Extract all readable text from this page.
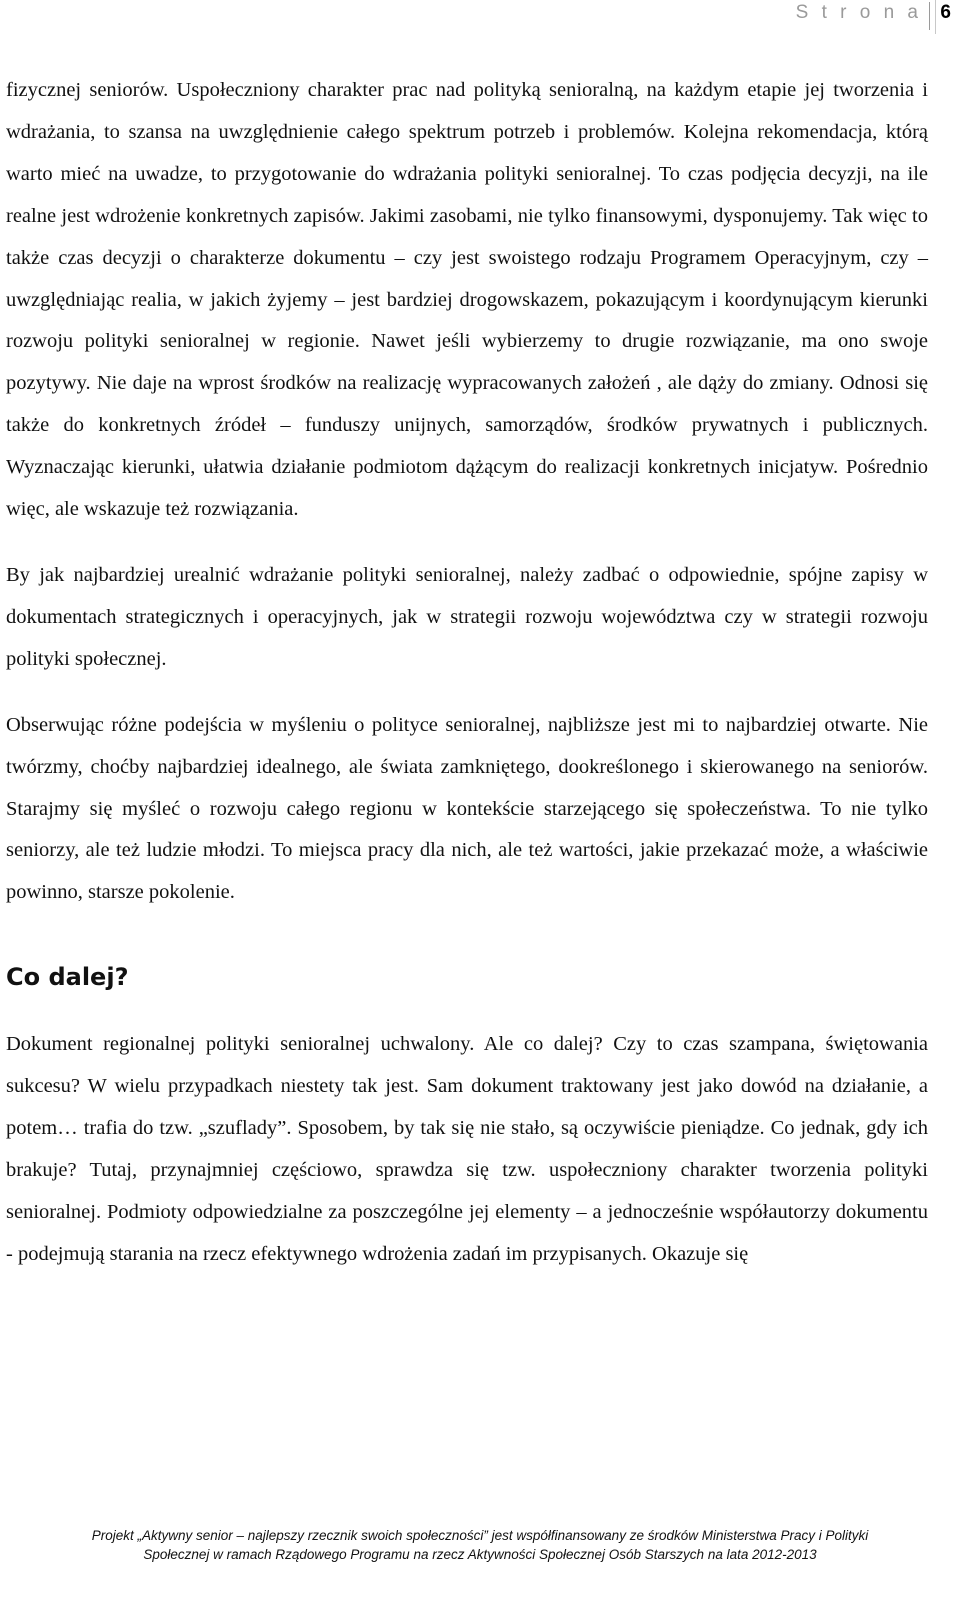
S t r o n a 6

fizycznej seniorów. Uspołeczniony charakter prac nad polityką senioralną, na każdym etapie jej tworzenia i wdrażania, to szansa na uwzględnienie całego spektrum potrzeb i problemów. Kolejna rekomendacja, którą warto mieć na uwadze, to przygotowanie do wdrażania polityki senioralnej. To czas podjęcia decyzji, na ile realne jest wdrożenie konkretnych zapisów. Jakimi zasobami, nie tylko finansowymi, dysponujemy. Tak więc to także czas decyzji o charakterze dokumentu – czy jest swoistego rodzaju Programem Operacyjnym, czy – uwzględniając realia, w jakich żyjemy – jest bardziej drogowskazem, pokazującym i koordynującym kierunki rozwoju polityki senioralnej w regionie. Nawet jeśli wybierzemy to drugie rozwiązanie, ma ono swoje pozytywy. Nie daje na wprost środków na realizację wypracowanych założeń , ale dąży do zmiany. Odnosi się także do konkretnych źródeł – funduszy unijnych, samorządów, środków prywatnych i publicznych. Wyznaczając kierunki, ułatwia działanie podmiotom dążącym do realizacji konkretnych inicjatyw. Pośrednio więc, ale wskazuje też rozwiązania.

By jak najbardziej urealnić wdrażanie polityki senioralnej, należy zadbać o odpowiednie, spójne zapisy w dokumentach strategicznych i operacyjnych, jak w strategii rozwoju województwa czy w strategii rozwoju polityki społecznej.

Obserwując różne podejścia w myśleniu o polityce senioralnej, najbliższe jest mi to najbardziej otwarte. Nie twórzmy, choćby najbardziej idealnego, ale świata zamkniętego, dookreślonego i skierowanego na seniorów. Starajmy się myśleć o rozwoju całego regionu w kontekście starzejącego się społeczeństwa. To nie tylko seniorzy, ale też ludzie młodzi. To miejsca pracy dla nich, ale też wartości, jakie przekazać może, a właściwie powinno, starsze pokolenie.

Co dalej?

Dokument regionalnej polityki senioralnej uchwalony. Ale co dalej? Czy to czas szampana, świętowania sukcesu? W wielu przypadkach niestety tak jest. Sam dokument traktowany jest jako dowód na działanie, a potem… trafia do tzw. „szuflady”. Sposobem, by tak się nie stało, są oczywiście pieniądze. Co jednak, gdy ich brakuje? Tutaj, przynajmniej częściowo, sprawdza się tzw. uspołeczniony charakter tworzenia polityki senioralnej. Podmioty odpowiedzialne za poszczególne jej elementy – a jednocześnie współautorzy dokumentu - podejmują starania na rzecz efektywnego wdrożenia zadań im przypisanych. Okazuje się

Projekt „Aktywny senior – najlepszy rzecznik swoich społeczności” jest współfinansowany ze środków Ministerstwa Pracy i Polityki
Społecznej w ramach Rządowego Programu na rzecz Aktywności Społecznej Osób Starszych na lata 2012-2013
